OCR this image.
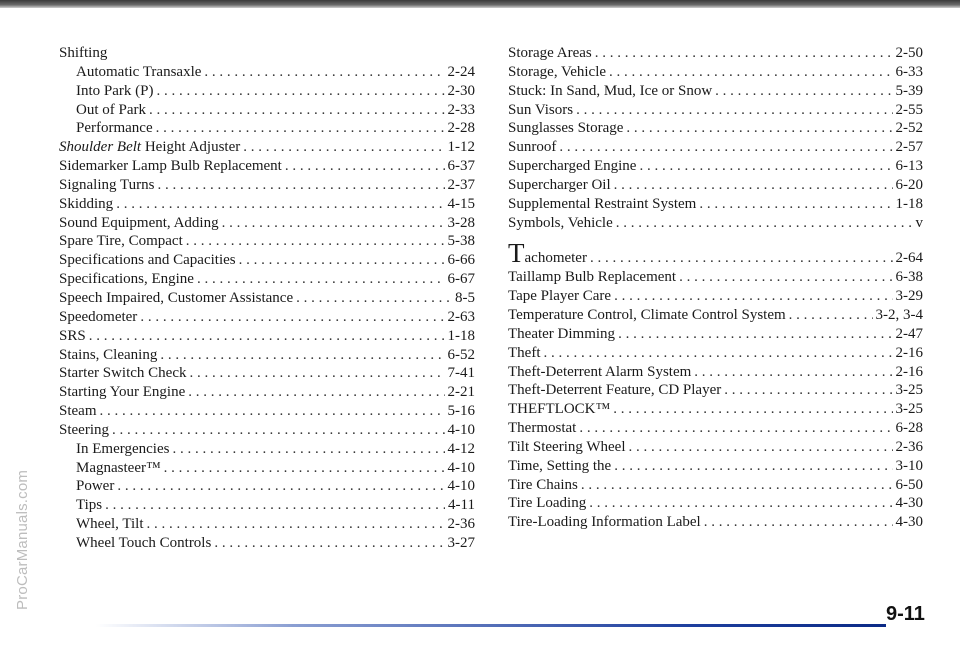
ProCarManuals.com
Shifting
Automatic Transaxle . . .	2-24
Into Park (P) . . .	2-30
Out of Park . . .	2-33
Performance . . .	2-28
Shoulder Belt Height Adjuster . . .	1-12
Sidemarker Lamp Bulb Replacement . . .	6-37
Signaling Turns . . .	2-37
Skidding . . .	4-15
Sound Equipment, Adding . . .	3-28
Spare Tire, Compact . . .	5-38
Specifications and Capacities . . .	6-66
Specifications, Engine . . .	6-67
Speech Impaired, Customer Assistance . . .	8-5
Speedometer . . .	2-63
SRS . . .	1-18
Stains, Cleaning . . .	6-52
Starter Switch Check . . .	7-41
Starting Your Engine . . .	2-21
Steam . . .	5-16
Steering . . .	4-10
In Emergencies . . .	4-12
Magnasteer™ . . .	4-10
Power . . .	4-10
Tips . . .	4-11
Wheel, Tilt . . .	2-36
Wheel Touch Controls . . .	3-27
Storage Areas . . .	2-50
Storage, Vehicle . . .	6-33
Stuck: In Sand, Mud, Ice or Snow . . .	5-39
Sun Visors . . .	2-55
Sunglasses Storage . . .	2-52
Sunroof . . .	2-57
Supercharged Engine . . .	6-13
Supercharger Oil . . .	6-20
Supplemental Restraint System . . .	1-18
Symbols, Vehicle . . .	v
Tachometer . . .	2-64
Taillamp Bulb Replacement . . .	6-38
Tape Player Care . . .	3-29
Temperature Control, Climate Control System . . .	3-2, 3-4
Theater Dimming . . .	2-47
Theft . . .	2-16
Theft-Deterrent Alarm System . . .	2-16
Theft-Deterrent Feature, CD Player . . .	3-25
THEFTLOCK™ . . .	3-25
Thermostat . . .	6-28
Tilt Steering Wheel . . .	2-36
Time, Setting the . . .	3-10
Tire Chains . . .	6-50
Tire Loading . . .	4-30
Tire-Loading Information Label . . .	4-30
9-11
